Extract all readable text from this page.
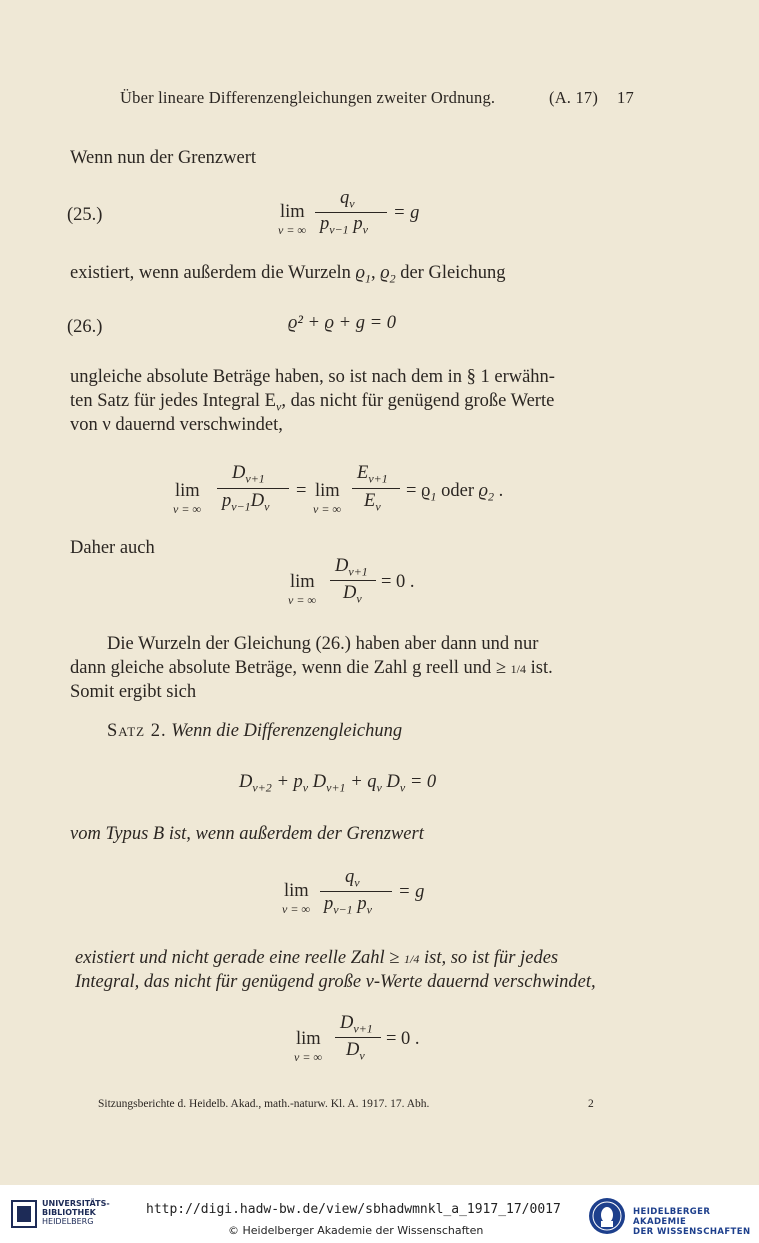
Über lineare Differenzengleichungen zweiter Ordnung.	(A. 17) 17
Wenn nun der Grenzwert
(25.)	lim
ν = ∞
$q_\nu$
$p_{\nu-1}$ $p_\nu$
= g
existiert, wenn außerdem die Wurzeln $ϱ_1$, $ϱ_2$ der Gleichung
(26.)	ϱ² + ϱ + g = 0
ungleiche absolute Beträge haben, so ist nach dem in § 1 erwähn-
ten Satz für jedes Integral $E_\nu$, das nicht für genügend große Werte
von ν dauernd verschwindet,
lim
ν = ∞
$D_{\nu+1}$
$p_{\nu-1}D_\nu$
= lim
ν = ∞
$E_{\nu+1}$
$E_\nu$
= $ϱ_1$ oder $ϱ_2$ .
Daher auch
lim
ν = ∞
$D_{\nu+1}$
$D_\nu$
= 0 .
Die Wurzeln der Gleichung (26.) haben aber dann und nur
dann gleiche absolute Beträge, wenn die Zahl g reell und ≥ 1/4 ist.
Somit ergibt sich
Satz 2. Wenn die Differenzengleichung
$D_{\nu+2} + p_\nu$ $D_{\nu+1} + q_\nu$ $D_\nu = 0$
vom Typus B ist, wenn außerdem der Grenzwert
lim
ν = ∞
$q_\nu$
$p_{\nu-1}$ $p_\nu$
= g
existiert und nicht gerade eine reelle Zahl ≥ 1/4 ist, so ist für jedes
Integral, das nicht für genügend große ν-Werte dauernd verschwindet,
lim
ν = ∞
$D_{\nu+1}$
$D_\nu$
= 0 .
Sitzungsberichte d. Heidelb. Akad., math.-naturw. Kl. A. 1917. 17. Abh.	2
UNIVERSITÄTS-
BIBLIOTHEK
HEIDELBERG
http://digi.hadw-bw.de/view/sbhadwmnkl_a_1917_17/0017
© Heidelberger Akademie der Wissenschaften
HEIDELBERGER AKADEMIE
DER WISSENSCHAFTEN
